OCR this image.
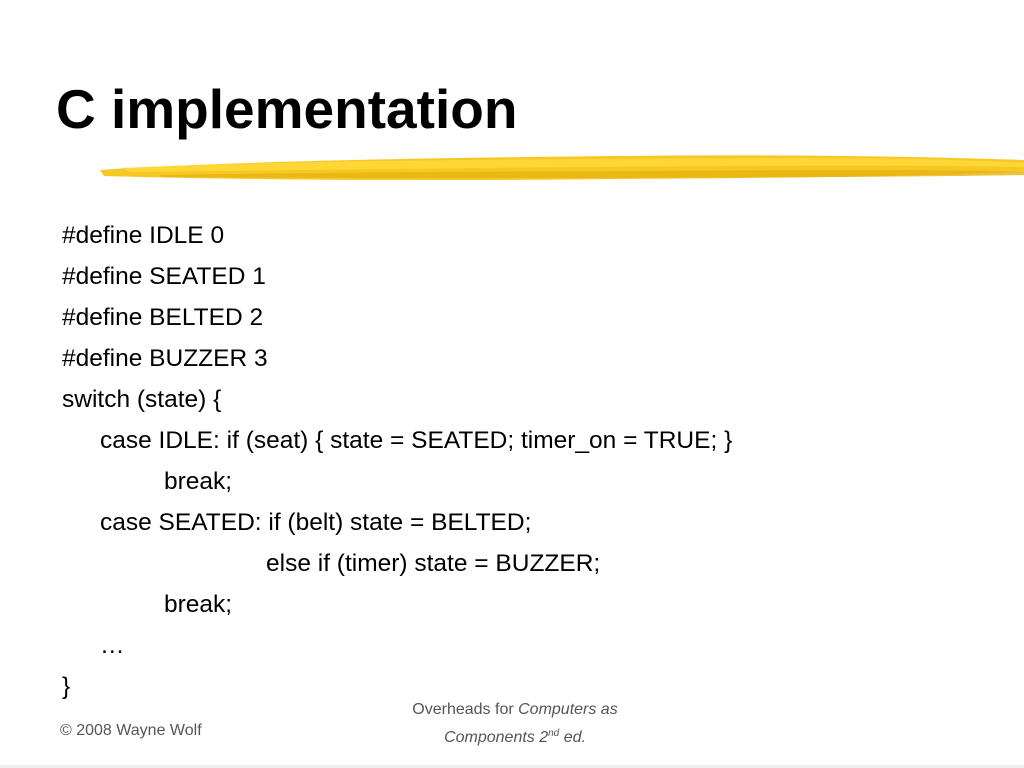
C implementation
#define IDLE 0
#define SEATED 1
#define BELTED 2
#define BUZZER 3
switch (state) {
case IDLE: if (seat) { state = SEATED; timer_on = TRUE; }
break;
case SEATED: if (belt) state = BELTED;
else if (timer) state = BUZZER;
break;
…
}
© 2008 Wayne Wolf
Overheads for Computers as
Components 2nd ed.
